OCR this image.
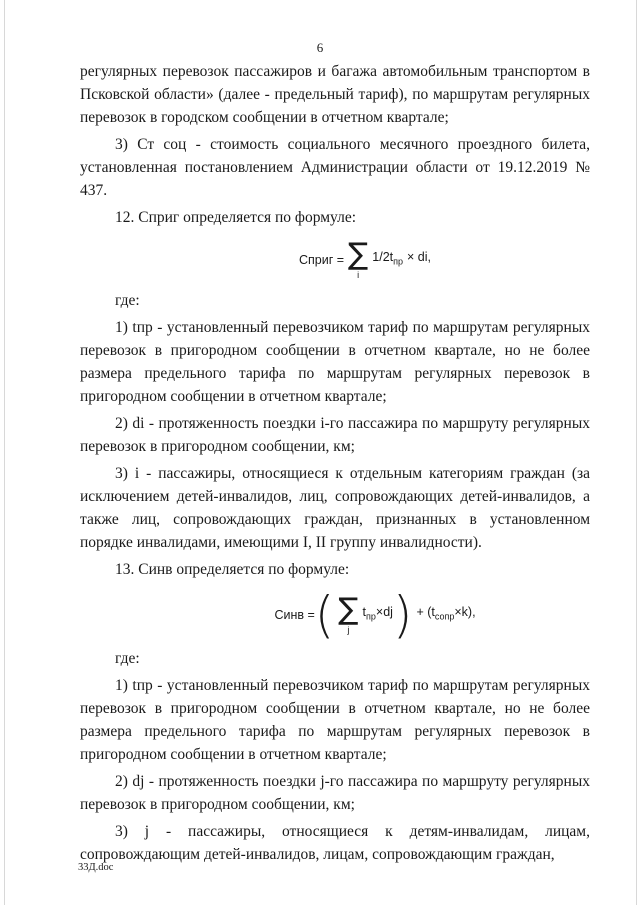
6

регулярных перевозок пассажиров и багажа автомобильным транспортом в Псковской области» (далее - предельный тариф), по маршрутам регулярных перевозок в городском сообщении в отчетном квартале;

3) Ст соц - стоимость социального месячного проездного билета, установленная постановлением Администрации области от 19.12.2019 № 437.

12. Сприг определяется по формуле:

Сприг = ∑
i
$1/2t_{пр}$ × di,

где:

1) tпр - установленный перевозчиком тариф по маршрутам регулярных перевозок в пригородном сообщении в отчетном квартале, но не более размера предельного тарифа по маршрутам регулярных перевозок в пригородном сообщении в отчетном квартале;

2) di - протяженность поездки i-го пассажира по маршруту регулярных перевозок в пригородном сообщении, км;

3) i - пассажиры, относящиеся к отдельным категориям граждан (за исключением детей-инвалидов, лиц, сопровождающих детей-инвалидов, а также лиц, сопровождающих граждан, признанных в установленном порядке инвалидами, имеющими I, II группу инвалидности).

13. Синв определяется по формуле:

Синв = ( ∑
j
$t_{пр}\times dj$ ) + $(t_{сопр}\times k)$,

где:

1) tпр - установленный перевозчиком тариф по маршрутам регулярных перевозок в пригородном сообщении в отчетном квартале, но не более размера предельного тарифа по маршрутам регулярных перевозок в пригородном сообщении в отчетном квартале;

2) dj - протяженность поездки j-го пассажира по маршруту регулярных перевозок в пригородном сообщении, км;

3) j - пассажиры, относящиеся к детям-инвалидам, лицам, сопровождающим детей-инвалидов, лицам, сопровождающим граждан,

33Д.doc
